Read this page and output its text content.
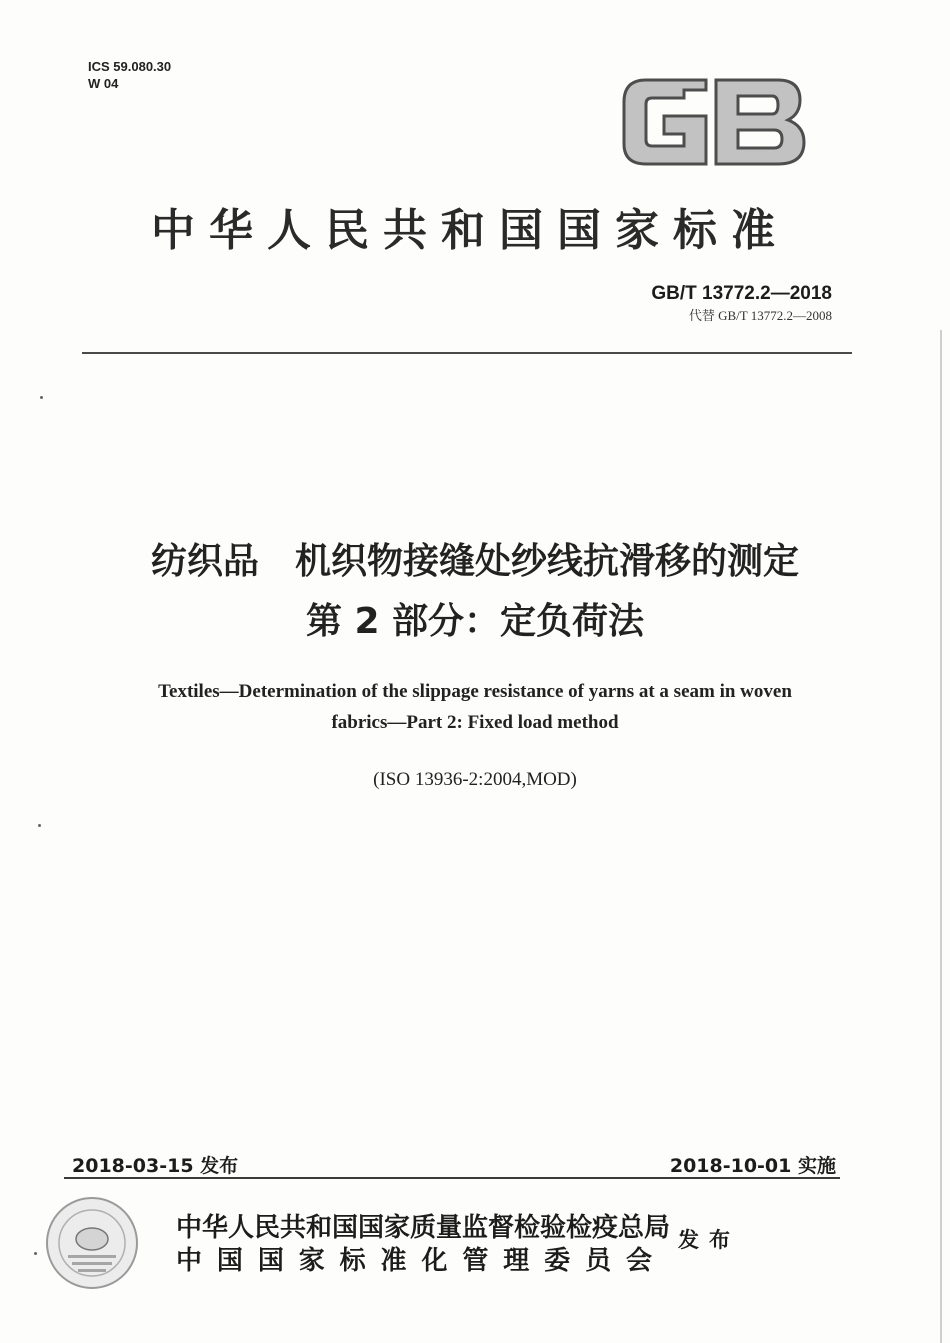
ICS 59.080.30
W 04
中华人民共和国国家标准
GB/T 13772.2—2018
代替 GB/T 13772.2—2008
纺织品　机织物接缝处纱线抗滑移的测定
第 2 部分：定负荷法
Textiles—Determination of the slippage resistance of yarns at a seam in woven
fabrics—Part 2: Fixed load method
(ISO 13936-2:2004,MOD)
2018-03-15 发布	2018-10-01 实施
中华人民共和国国家质量监督检验检疫总局
中 国 国 家 标 准 化 管 理 委 员 会
发布
